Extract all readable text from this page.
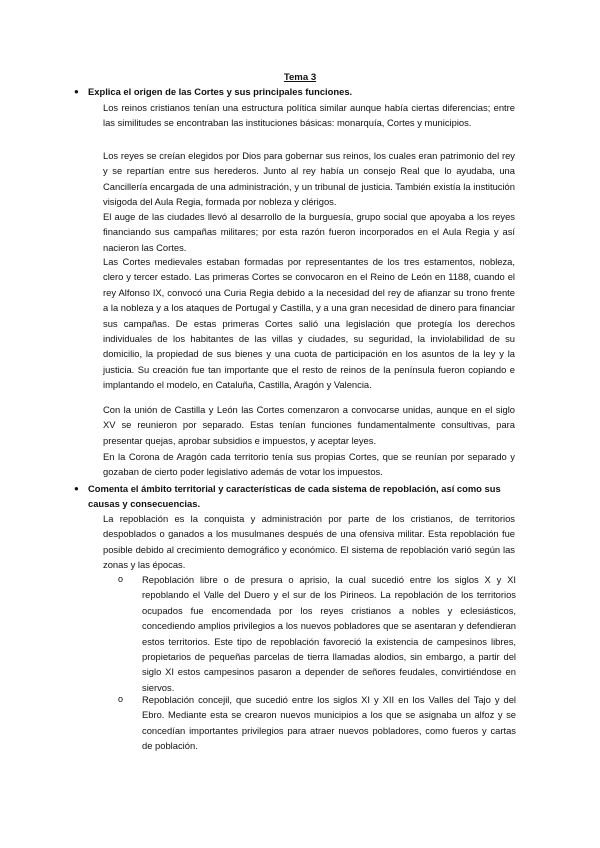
Tema 3
● Explica el origen de las Cortes y sus principales funciones.

Los reinos cristianos tenían una estructura política similar aunque había ciertas diferencias; entre las similitudes se encontraban las instituciones básicas: monarquía, Cortes y municipios.

Los reyes se creían elegidos por Dios para gobernar sus reinos, los cuales eran patrimonio del rey y se repartían entre sus herederos. Junto al rey había un consejo Real que lo ayudaba, una Cancillería encargada de una administración, y un tribunal de justicia. También existía la institución visigoda del Aula Regia, formada por nobleza y clérigos.

El auge de las ciudades llevó al desarrollo de la burguesía, grupo social que apoyaba a los reyes financiando sus campañas militares; por esta razón fueron incorporados en el Aula Regia y así nacieron las Cortes.

Las Cortes medievales estaban formadas por representantes de los tres estamentos, nobleza, clero y tercer estado. Las primeras Cortes se convocaron en el Reino de León en 1188, cuando el rey Alfonso IX, convocó una Curia Regia debido a la necesidad del rey de afianzar su trono frente a la nobleza y a los ataques de Portugal y Castilla, y a una gran necesidad de dinero para financiar sus campañas. De estas primeras Cortes salió una legislación que protegía los derechos individuales de los habitantes de las villas y ciudades, su seguridad, la inviolabilidad de su domicilio, la propiedad de sus bienes y una cuota de participación en los asuntos de la ley y la justicia. Su creación fue tan importante que el resto de reinos de la península fueron copiando e implantando el modelo, en Cataluña, Castilla, Aragón y Valencia.

Con la unión de Castilla y León las Cortes comenzaron a convocarse unidas, aunque en el siglo XV se reunieron por separado. Estas tenían funciones fundamentalmente consultivas, para presentar quejas, aprobar subsidios e impuestos, y aceptar leyes.

En la Corona de Aragón cada territorio tenía sus propias Cortes, que se reunían por separado y gozaban de cierto poder legislativo además de votar los impuestos.

● Comenta el ámbito territorial y características de cada sistema de repoblación, así como sus causas y consecuencias.

La repoblación es la conquista y administración por parte de los cristianos, de territorios despoblados o ganados a los musulmanes después de una ofensiva militar. Esta repoblación fue posible debido al crecimiento demográfico y económico. El sistema de repoblación varió según las zonas y las épocas.

o Repoblación libre o de presura o aprisio, la cual sucedió entre los siglos X y XI repoblando el Valle del Duero y el sur de los Pirineos. La repoblación de los territorios ocupados fue encomendada por los reyes cristianos a nobles y eclesiásticos, concediendo amplios privilegios a los nuevos pobladores que se asentaran y defendieran estos territorios. Este tipo de repoblación favoreció la existencia de campesinos libres, propietarios de pequeñas parcelas de tierra llamadas alodios, sin embargo, a partir del siglo XI estos campesinos pasaron a depender de señores feudales, convirtiéndose en siervos.
o Repoblación concejil, que sucedió entre los siglos XI y XII en los Valles del Tajo y del Ebro. Mediante esta se crearon nuevos municipios a los que se asignaba un alfoz y se concedían importantes privilegios para atraer nuevos pobladores, como fueros y cartas de población.
